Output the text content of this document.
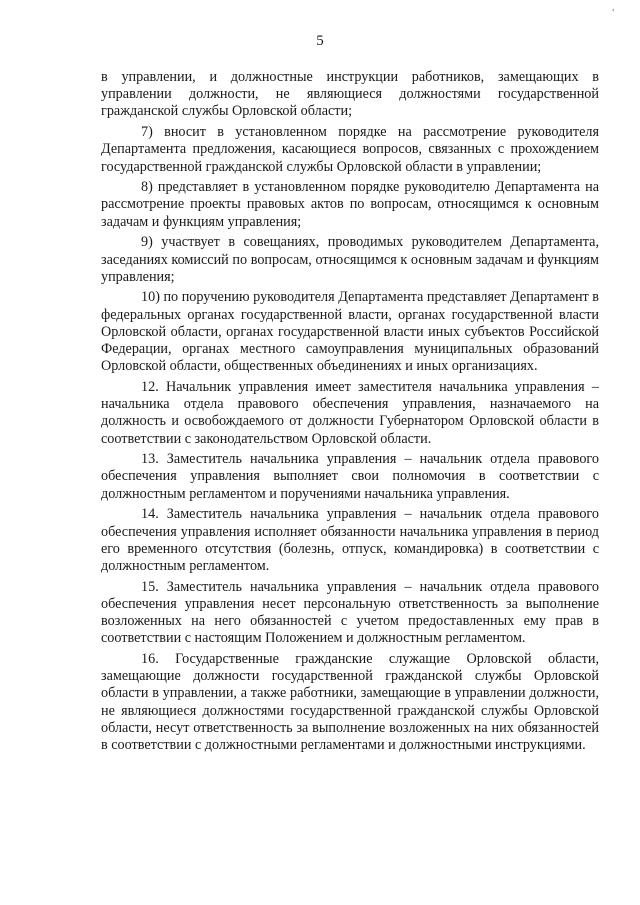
'
5

в управлении, и должностные инструкции работников, замещающих в управлении должности, не являющиеся должностями государственной гражданской службы Орловской области;

7) вносит в установленном порядке на рассмотрение руководителя Департамента предложения, касающиеся вопросов, связанных с прохождением государственной гражданской службы Орловской области в управлении;

8) представляет в установленном порядке руководителю Департамента на рассмотрение проекты правовых актов по вопросам, относящимся к основным задачам и функциям управления;

9) участвует в совещаниях, проводимых руководителем Департамента, заседаниях комиссий по вопросам, относящимся к основным задачам и функциям управления;

10) по поручению руководителя Департамента представляет Департамент в федеральных органах государственной власти, органах государственной власти Орловской области, органах государственной власти иных субъектов Российской Федерации, органах местного самоуправления муниципальных образований Орловской области, общественных объединениях и иных организациях.

12. Начальник управления имеет заместителя начальника управления – начальника отдела правового обеспечения управления, назначаемого на должность и освобождаемого от должности Губернатором Орловской области в соответствии с законодательством Орловской области.

13. Заместитель начальника управления – начальник отдела правового обеспечения управления выполняет свои полномочия в соответствии с должностным регламентом и поручениями начальника управления.

14. Заместитель начальника управления – начальник отдела правового обеспечения управления исполняет обязанности начальника управления в период его временного отсутствия (болезнь, отпуск, командировка) в соответствии с должностным регламентом.

15. Заместитель начальника управления – начальник отдела правового обеспечения управления несет персональную ответственность за выполнение возложенных на него обязанностей с учетом предоставленных ему прав в соответствии с настоящим Положением и должностным регламентом.

16. Государственные гражданские служащие Орловской области, замещающие должности государственной гражданской службы Орловской области в управлении, а также работники, замещающие в управлении должности, не являющиеся должностями государственной гражданской службы Орловской области, несут ответственность за выполнение возложенных на них обязанностей в соответствии с должностными регламентами и должностными инструкциями.
